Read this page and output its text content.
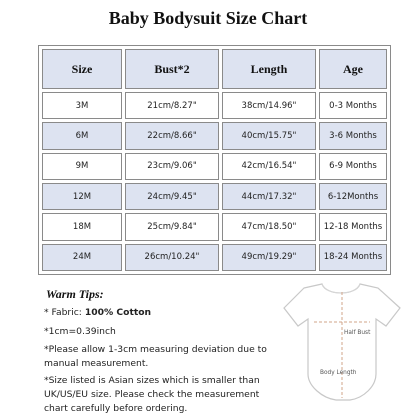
Baby Bodysuit Size Chart
Size	Bust*2	Length	Age
3M	21cm/8.27"	38cm/14.96"	0-3 Months
6M	22cm/8.66"	40cm/15.75"	3-6 Months
9M	23cm/9.06"	42cm/16.54"	6-9 Months
12M	24cm/9.45"	44cm/17.32"	6-12Months
18M	25cm/9.84"	47cm/18.50"	12-18 Months
24M	26cm/10.24"	49cm/19.29"	18-24 Months
Warm Tips:
* Fabric: 100% Cotton
*1cm=0.39inch
*Please allow 1-3cm measuring deviation due to manual measurement.
*Size listed is Asian sizes which is smaller than UK/US/EU size. Please check the measurement chart carefully before ordering.
Half Bust
Body Length
